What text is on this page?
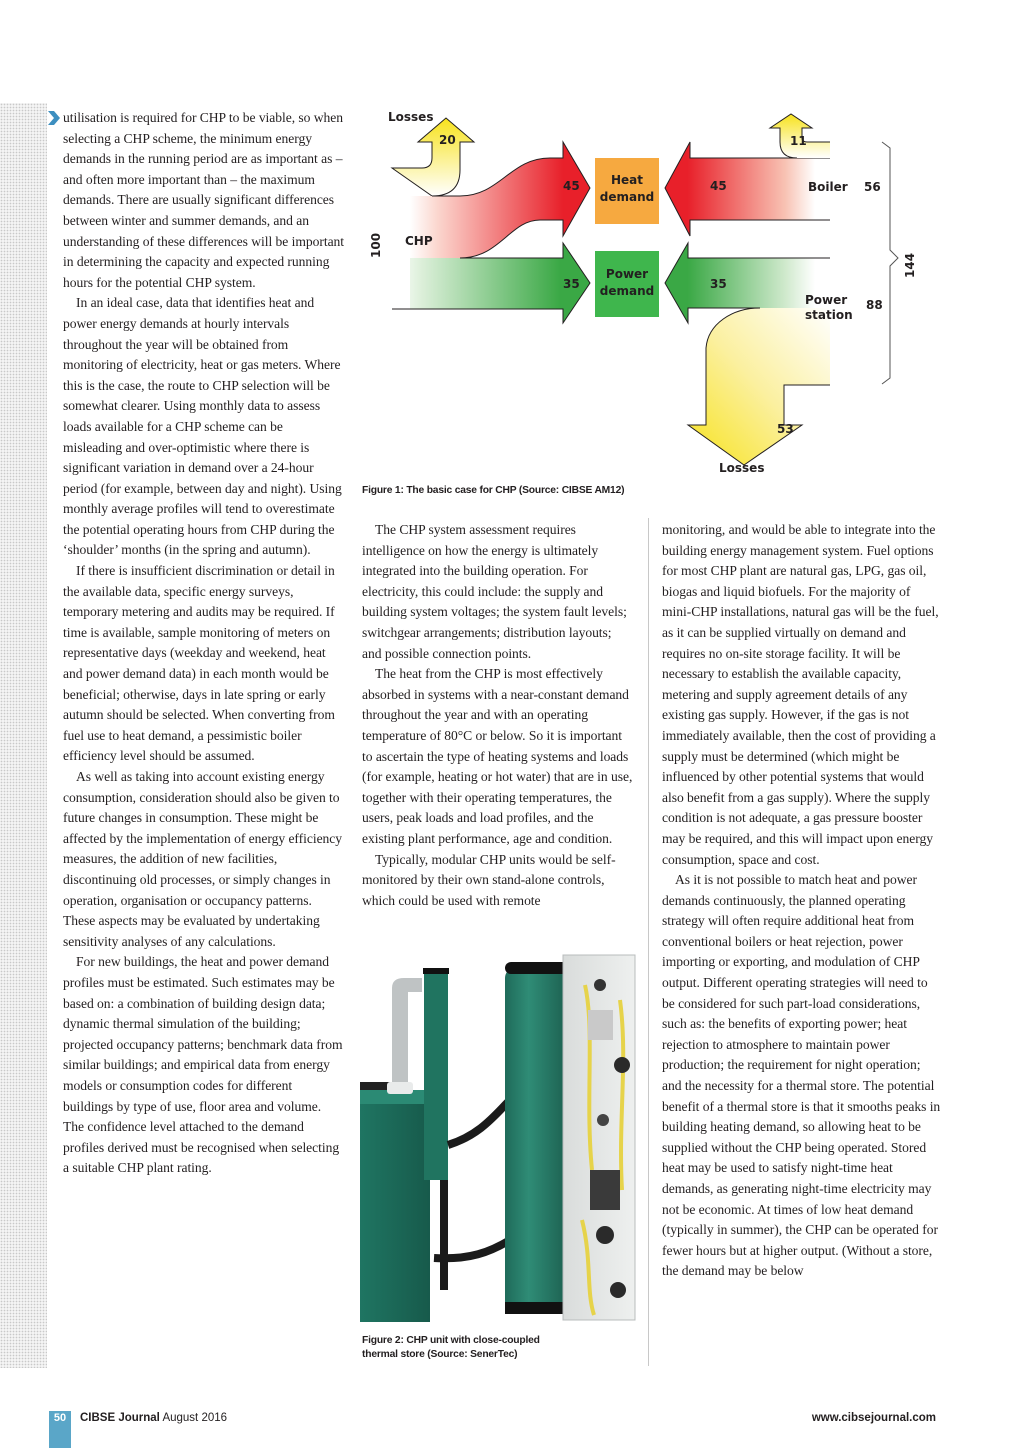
utilisation is required for CHP to be viable, so when selecting a CHP scheme, the minimum energy demands in the running period are as important as – and often more important than – the maximum demands. There are usually significant differences between winter and summer demands, and an understanding of these differences will be important in determining the capacity and expected running hours for the potential CHP system.

In an ideal case, data that identifies heat and power energy demands at hourly intervals throughout the year will be obtained from monitoring of electricity, heat or gas meters. Where this is the case, the route to CHP selection will be somewhat clearer. Using monthly data to assess loads available for a CHP scheme can be misleading and over-optimistic where there is significant variation in demand over a 24-hour period (for example, between day and night). Using monthly average profiles will tend to overestimate the potential operating hours from CHP during the ‘shoulder’ months (in the spring and autumn).

If there is insufficient discrimination or detail in the available data, specific energy surveys, temporary metering and audits may be required. If time is available, sample monitoring of meters on representative days (weekday and weekend, heat and power demand data) in each month would be beneficial; otherwise, days in late spring or early autumn should be selected. When converting from fuel use to heat demand, a pessimistic boiler efficiency level should be assumed.

As well as taking into account existing energy consumption, consideration should also be given to future changes in consumption. These might be affected by the implementation of energy efficiency measures, the addition of new facilities, discontinuing old processes, or simply changes in operation, organisation or occupancy patterns. These aspects may be evaluated by undertaking sensitivity analyses of any calculations.

For new buildings, the heat and power demand profiles must be estimated. Such estimates may be based on: a combination of building design data; dynamic thermal simulation of the building; projected occupancy patterns; benchmark data from similar buildings; and empirical data from energy models or consumption codes for different buildings by type of use, floor area and volume. The confidence level attached to the demand profiles derived must be recognised when selecting a suitable CHP plant rating.

Losses
20
CHP
100
45
35
Heat
demand
Power
demand
45
35
11
Boiler 56
Power
station
88
53
Losses
144
Figure 1: The basic case for CHP (Source: CIBSE AM12)

The CHP system assessment requires intelligence on how the energy is ultimately integrated into the building operation. For electricity, this could include: the supply and building system voltages; the system fault levels; switchgear arrangements; distribution layouts; and possible connection points.

The heat from the CHP is most effectively absorbed in systems with a near-constant demand throughout the year and with an operating temperature of 80°C or below. So it is important to ascertain the type of heating systems and loads (for example, heating or hot water) that are in use, together with their operating temperatures, the users, peak loads and load profiles, and the existing plant performance, age and condition.

Typically, modular CHP units would be self-monitored by their own stand-alone controls, which could be used with remote

monitoring, and would be able to integrate into the building energy management system. Fuel options for most CHP plant are natural gas, LPG, gas oil, biogas and liquid biofuels. For the majority of mini-CHP installations, natural gas will be the fuel, as it can be supplied virtually on demand and requires no on-site storage facility. It will be necessary to establish the available capacity, metering and supply agreement details of any existing gas supply. However, if the gas is not immediately available, then the cost of providing a supply must be determined (which might be influenced by other potential systems that would also benefit from a gas supply). Where the supply condition is not adequate, a gas pressure booster may be required, and this will impact upon energy consumption, space and cost.

As it is not possible to match heat and power demands continuously, the planned operating strategy will often require additional heat from conventional boilers or heat rejection, power importing or exporting, and modulation of CHP output. Different operating strategies will need to be considered for such part-load considerations, such as: the benefits of exporting power; heat rejection to atmosphere to maintain power production; the requirement for night operation; and the necessity for a thermal store. The potential benefit of a thermal store is that it smooths peaks in building heating demand, so allowing heat to be supplied without the CHP being operated. Stored heat may be used to satisfy night-time heat demands, as generating night-time electricity may not be economic. At times of low heat demand (typically in summer), the CHP can be operated for fewer hours but at higher output. (Without a store, the demand may be below

Figure 2: CHP unit with close-coupled
thermal store (Source: SenerTec)
50 CIBSE Journal August 2016	www.cibsejournal.com
